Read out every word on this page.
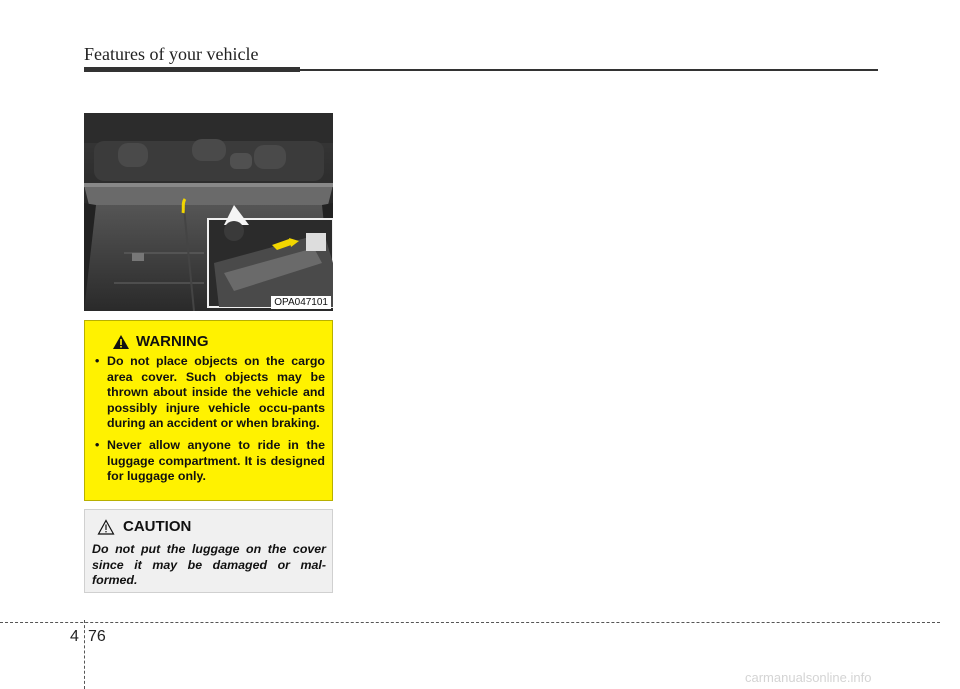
Features of your vehicle
OPA047101
WARNING
• Do not place objects on the cargo area cover. Such objects may be thrown about inside the vehicle and possibly injure vehicle occu-pants during an accident or when braking.
• Never allow anyone to ride in the luggage compartment. It is designed for luggage only.
CAUTION

Do not put the luggage on the cover since it may be damaged or mal-formed.

4 76
carmanualsonline.info
